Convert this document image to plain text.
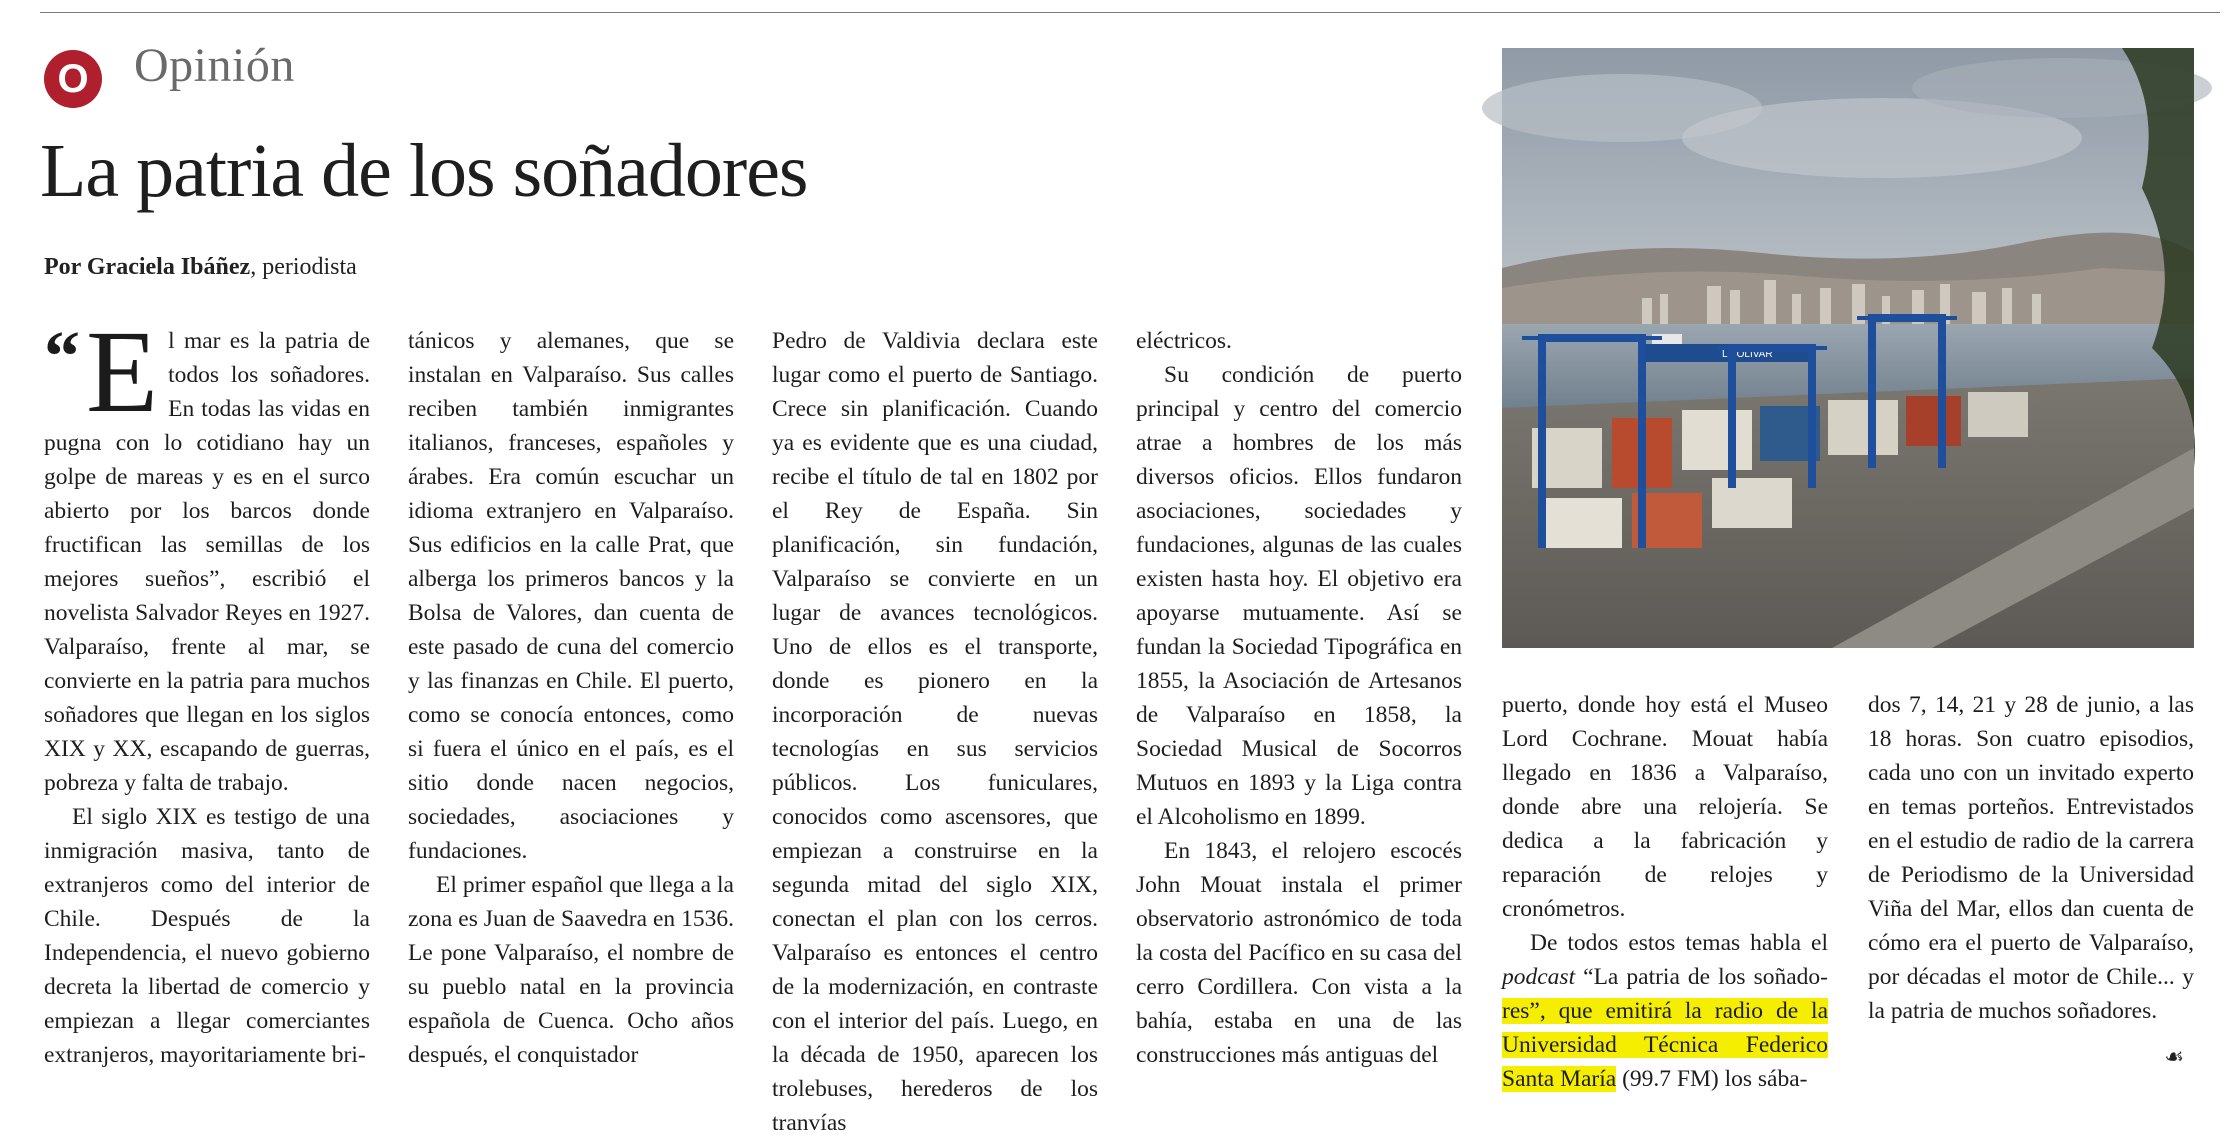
O Opinión
La patria de los soñadores
Por Graciela Ibáñez, periodista

“ E l mar es la patria de todos los soñadores. En todas las vidas en pugna con lo cotidiano hay un golpe de mareas y es en el surco abierto por los barcos donde fructifican las semillas de los mejores sueños”, escribió el novelista Salvador Reyes en 1927. Valparaíso, frente al mar, se convierte en la patria para muchos soñadores que llegan en los siglos XIX y XX, escapando de guerras, pobreza y falta de trabajo.

El siglo XIX es testigo de una inmigración masiva, tanto de extranjeros como del interior de Chile. Después de la Independencia, el nuevo gobierno decreta la libertad de comercio y empiezan a llegar comerciantes extranjeros, mayoritariamente bri-

tánicos y alemanes, que se instalan en Valparaíso. Sus calles reciben también inmigrantes italianos, franceses, españoles y árabes. Era común escuchar un idioma extranjero en Valparaíso. Sus edificios en la calle Prat, que alberga los primeros bancos y la Bolsa de Valores, dan cuenta de este pasado de cuna del comercio y las finanzas en Chile. El puerto, como se conocía entonces, como si fuera el único en el país, es el sitio donde nacen negocios, sociedades, asociaciones y fundaciones.

El primer español que llega a la zona es Juan de Saavedra en 1536. Le pone Valparaíso, el nombre de su pueblo natal en la provincia española de Cuenca. Ocho años después, el conquistador

Pedro de Valdivia declara este lugar como el puerto de Santiago. Crece sin planificación. Cuando ya es evidente que es una ciudad, recibe el título de tal en 1802 por el Rey de España. Sin planificación, sin fundación, Valparaíso se convierte en un lugar de avances tecnológicos. Uno de ellos es el transporte, donde es pionero en la incorporación de nuevas tecnologías en sus servicios públicos. Los funiculares, conocidos como ascensores, que empiezan a construirse en la segunda mitad del siglo XIX, conectan el plan con los cerros. Valparaíso es entonces el centro de la modernización, en contraste con el interior del país. Luego, en la década de 1950, aparecen los trolebuses, herederos de los tranvías

eléctricos.

Su condición de puerto principal y centro del comercio atrae a hombres de los más diversos oficios. Ellos fundaron asociaciones, sociedades y fundaciones, algunas de las cuales existen hasta hoy. El objetivo era apoyarse mutuamente. Así se fundan la Sociedad Tipográfica en 1855, la Asociación de Artesanos de Valparaíso en 1858, la Sociedad Musical de Socorros Mutuos en 1893 y la Liga contra el Alcoholismo en 1899.

En 1843, el relojero escocés John Mouat instala el primer observatorio astronómico de toda la costa del Pacífico en su casa del cerro Cordillera. Con vista a la bahía, estaba en una de las construcciones más antiguas del

L BOLIVAR

puerto, donde hoy está el Museo Lord Cochrane. Mouat había llegado en 1836 a Valparaíso, donde abre una relojería. Se dedica a la fabricación y reparación de relojes y cronómetros.

De todos estos temas habla el podcast “La patria de los soñado- res”, que emitirá la radio de la Universidad Técnica Federico Santa María (99.7 FM) los sába-

dos 7, 14, 21 y 28 de junio, a las 18 horas. Son cuatro episodios, cada uno con un invitado experto en temas porteños. Entrevistados en el estudio de radio de la carrera de Periodismo de la Universidad Viña del Mar, ellos dan cuenta de cómo era el puerto de Valparaíso, por décadas el motor de Chile... y la patria de muchos soñadores.

☙
